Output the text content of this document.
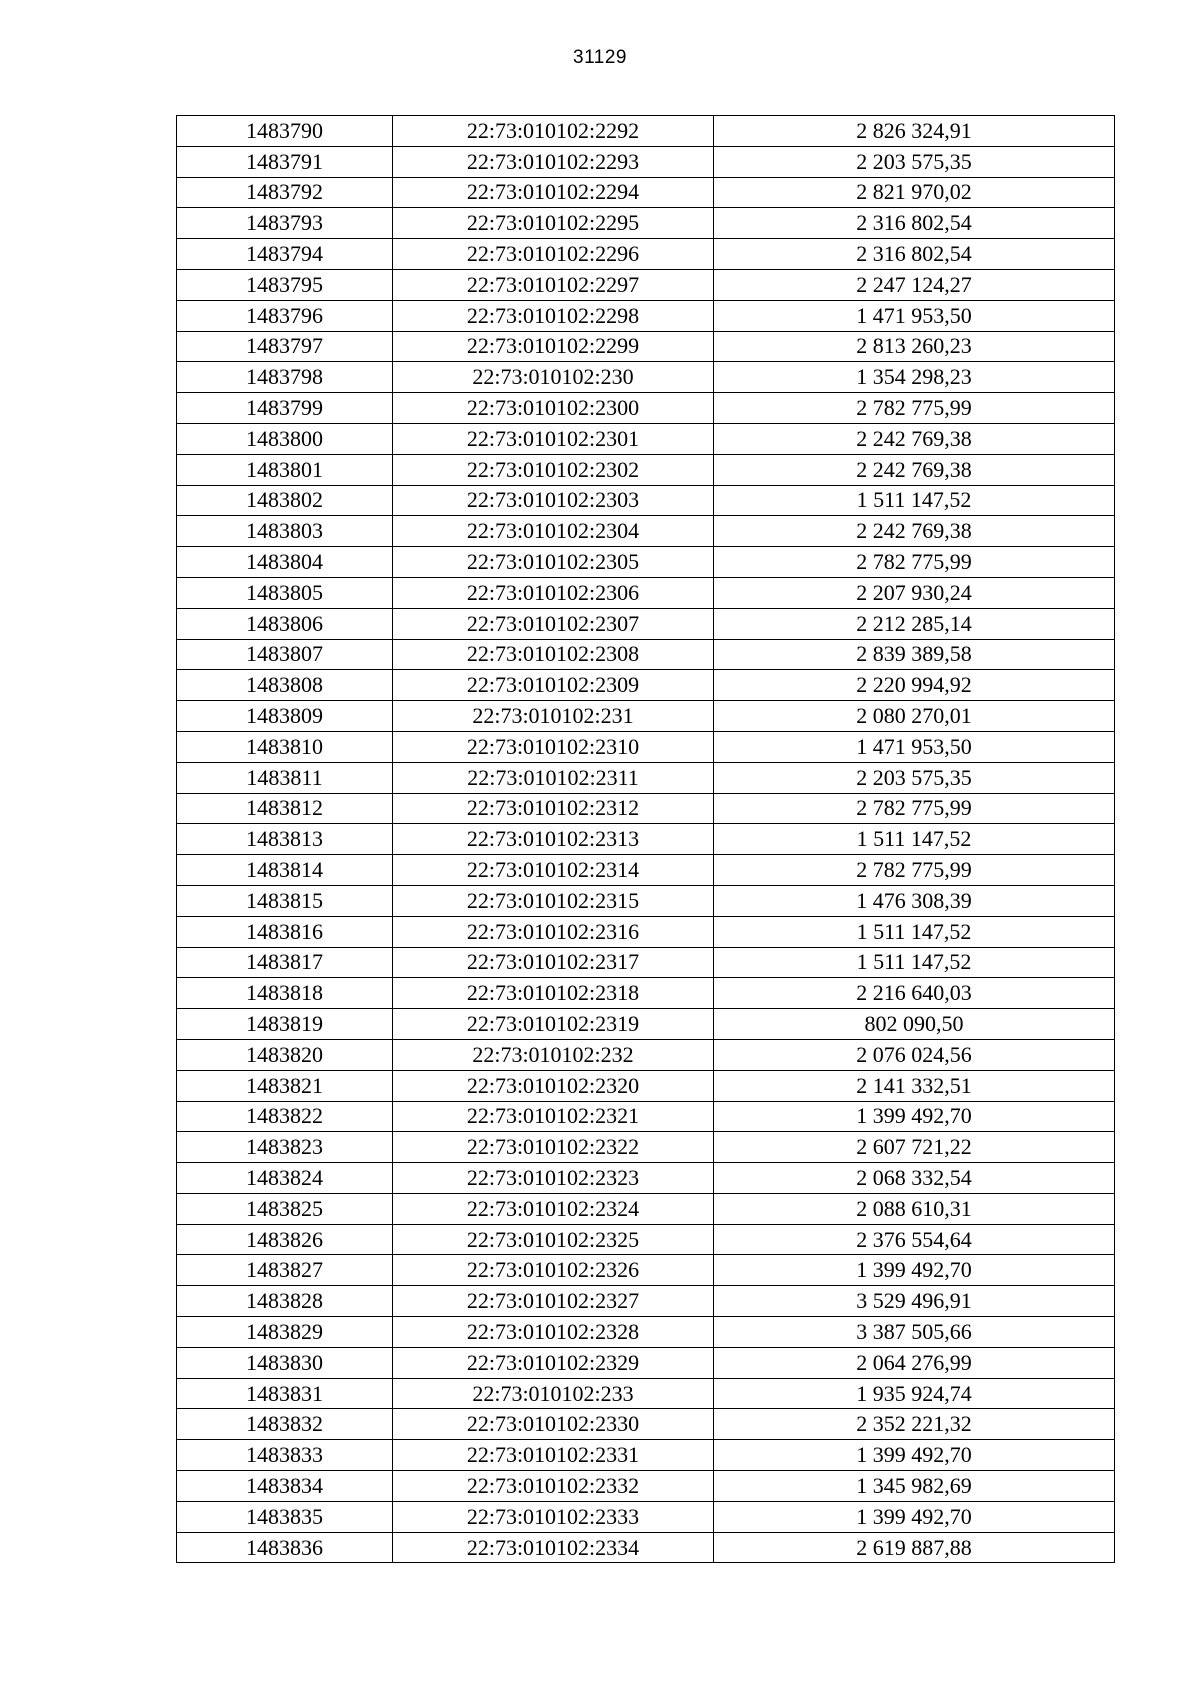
31129
1483790	22:73:010102:2292	2 826 324,91
1483791	22:73:010102:2293	2 203 575,35
1483792	22:73:010102:2294	2 821 970,02
1483793	22:73:010102:2295	2 316 802,54
1483794	22:73:010102:2296	2 316 802,54
1483795	22:73:010102:2297	2 247 124,27
1483796	22:73:010102:2298	1 471 953,50
1483797	22:73:010102:2299	2 813 260,23
1483798	22:73:010102:230	1 354 298,23
1483799	22:73:010102:2300	2 782 775,99
1483800	22:73:010102:2301	2 242 769,38
1483801	22:73:010102:2302	2 242 769,38
1483802	22:73:010102:2303	1 511 147,52
1483803	22:73:010102:2304	2 242 769,38
1483804	22:73:010102:2305	2 782 775,99
1483805	22:73:010102:2306	2 207 930,24
1483806	22:73:010102:2307	2 212 285,14
1483807	22:73:010102:2308	2 839 389,58
1483808	22:73:010102:2309	2 220 994,92
1483809	22:73:010102:231	2 080 270,01
1483810	22:73:010102:2310	1 471 953,50
1483811	22:73:010102:2311	2 203 575,35
1483812	22:73:010102:2312	2 782 775,99
1483813	22:73:010102:2313	1 511 147,52
1483814	22:73:010102:2314	2 782 775,99
1483815	22:73:010102:2315	1 476 308,39
1483816	22:73:010102:2316	1 511 147,52
1483817	22:73:010102:2317	1 511 147,52
1483818	22:73:010102:2318	2 216 640,03
1483819	22:73:010102:2319	802 090,50
1483820	22:73:010102:232	2 076 024,56
1483821	22:73:010102:2320	2 141 332,51
1483822	22:73:010102:2321	1 399 492,70
1483823	22:73:010102:2322	2 607 721,22
1483824	22:73:010102:2323	2 068 332,54
1483825	22:73:010102:2324	2 088 610,31
1483826	22:73:010102:2325	2 376 554,64
1483827	22:73:010102:2326	1 399 492,70
1483828	22:73:010102:2327	3 529 496,91
1483829	22:73:010102:2328	3 387 505,66
1483830	22:73:010102:2329	2 064 276,99
1483831	22:73:010102:233	1 935 924,74
1483832	22:73:010102:2330	2 352 221,32
1483833	22:73:010102:2331	1 399 492,70
1483834	22:73:010102:2332	1 345 982,69
1483835	22:73:010102:2333	1 399 492,70
1483836	22:73:010102:2334	2 619 887,88
